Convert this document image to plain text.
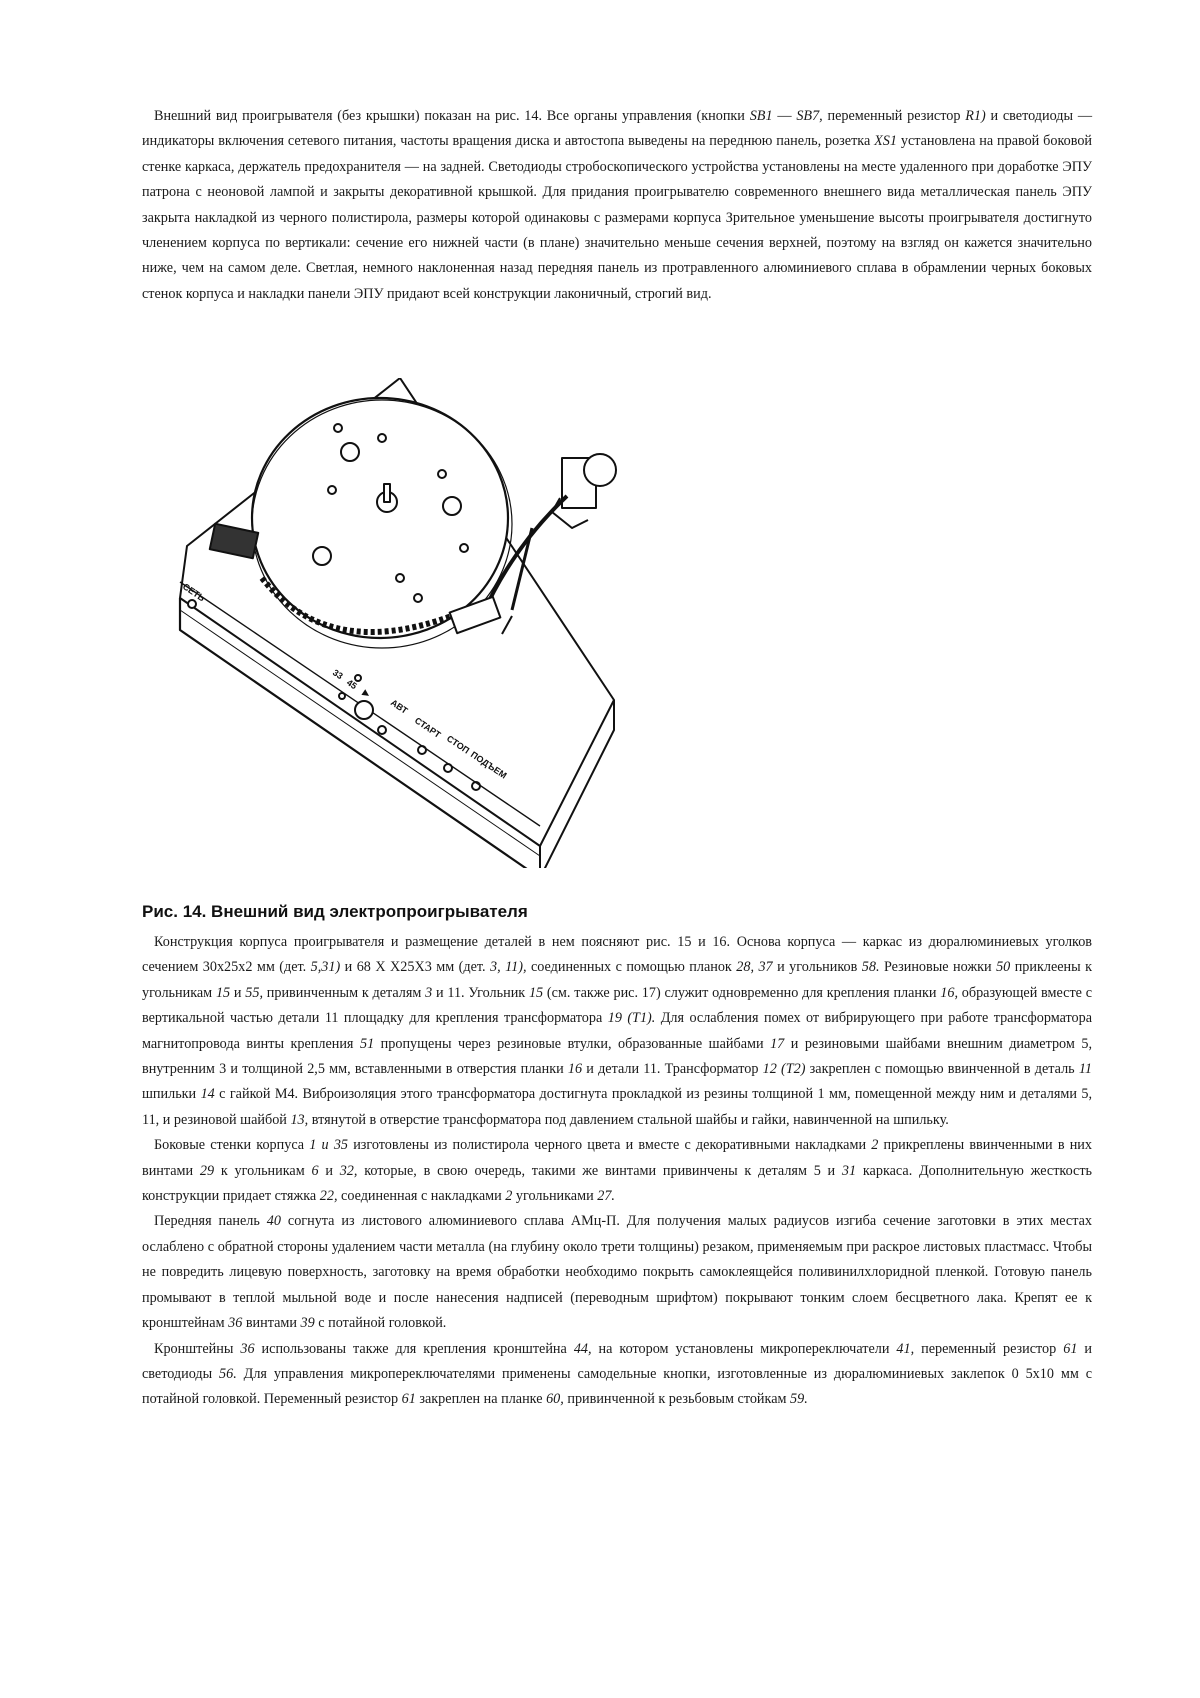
Внешний вид проигрывателя (без крышки) показан на рис. 14. Все органы управления (кнопки SB1 — SB7, переменный резистор R1) и светодиоды — индикаторы включения сетевого питания, частоты вращения диска и автостопа выведены на переднюю панель, розетка XS1 установлена на правой боковой стенке каркаса, держатель предохранителя — на задней. Светодиоды стробоскопического устройства установлены на месте удаленного при доработке ЭПУ патрона с неоновой лампой и закрыты декоративной крышкой. Для придания проигрывателю современного внешнего вида металлическая панель ЭПУ закрыта накладкой из черного полистирола, размеры которой одинаковы с размерами корпуса Зрительное уменьшение высоты проигрывателя достигнуто членением корпуса по вертикали: сечение его нижней части (в плане) значительно меньше сечения верхней, поэтому на взгляд он кажется значительно ниже, чем на самом деле. Светлая, немного наклоненная назад передняя панель из протравленного алюминиевого сплава в обрамлении черных боковых стенок корпуса и накладки панели ЭПУ придают всей конструкции лаконичный, строгий вид.

СЕТЬ
33
45
▶
АВТ
СТАРТ
СТОП
ПОДЪЕМ
Рис. 14. Внешний вид электропроигрывателя

Конструкция корпуса проигрывателя и размещение деталей в нем поясняют рис. 15 и 16. Основа корпуса — каркас из дюралюминиевых уголков сечением 30x25x2 мм (дет. 5,31) и 68 X X25X3 мм (дет. 3, 11), соединенных с помощью планок 28, 37 и угольников 58. Резиновые ножки 50 приклеены к угольникам 15 и 55, привинченным к деталям 3 и 11. Угольник 15 (см. также рис. 17) служит одновременно для крепления планки 16, образующей вместе с вертикальной частью детали 11 площадку для крепления трансформатора 19 (T1). Для ослабления помех от вибрирующего при работе трансформатора магнитопровода винты крепления 51 пропущены через резиновые втулки, образованные шайбами 17 и резиновыми шайбами внешним диаметром 5, внутренним 3 и толщиной 2,5 мм, вставленными в отверстия планки 16 и детали 11. Трансформатор 12 (T2) закреплен с помощью ввинченной в деталь 11 шпильки 14 с гайкой М4. Виброизоляция этого трансформатора достигнута прокладкой из резины толщиной 1 мм, помещенной между ним и деталями 5, 11, и резиновой шайбой 13, втянутой в отверстие трансформатора под давлением стальной шайбы и гайки, навинченной на шпильку.

Боковые стенки корпуса 1 и 35 изготовлены из полистирола черного цвета и вместе с декоративными накладками 2 прикреплены ввинченными в них винтами 29 к угольникам 6 и 32, которые, в свою очередь, такими же винтами привинчены к деталям 5 и 31 каркаса. Дополнительную жесткость конструкции придает стяжка 22, соединенная с накладками 2 угольниками 27.

Передняя панель 40 согнута из листового алюминиевого сплава АМц-П. Для получения малых радиусов изгиба сечение заготовки в этих местах ослаблено с обратной стороны удалением части металла (на глубину около трети толщины) резаком, применяемым при раскрое листовых пластмасс. Чтобы не повредить лицевую поверхность, заготовку на время обработки необходимо покрыть самоклеящейся поливинилхлоридной пленкой. Готовую панель промывают в теплой мыльной воде и после нанесения надписей (переводным шрифтом) покрывают тонким слоем бесцветного лака. Крепят ее к кронштейнам 36 винтами 39 с потайной головкой.

Кронштейны 36 использованы также для крепления кронштейна 44, на котором установлены микропереключатели 41, переменный резистор 61 и светодиоды 56. Для управления микропереключателями применены самодельные кнопки, изготовленные из дюралюминиевых заклепок 0 5x10 мм с потайной головкой. Переменный резистор 61 закреплен на планке 60, привинченной к резьбовым стойкам 59.
